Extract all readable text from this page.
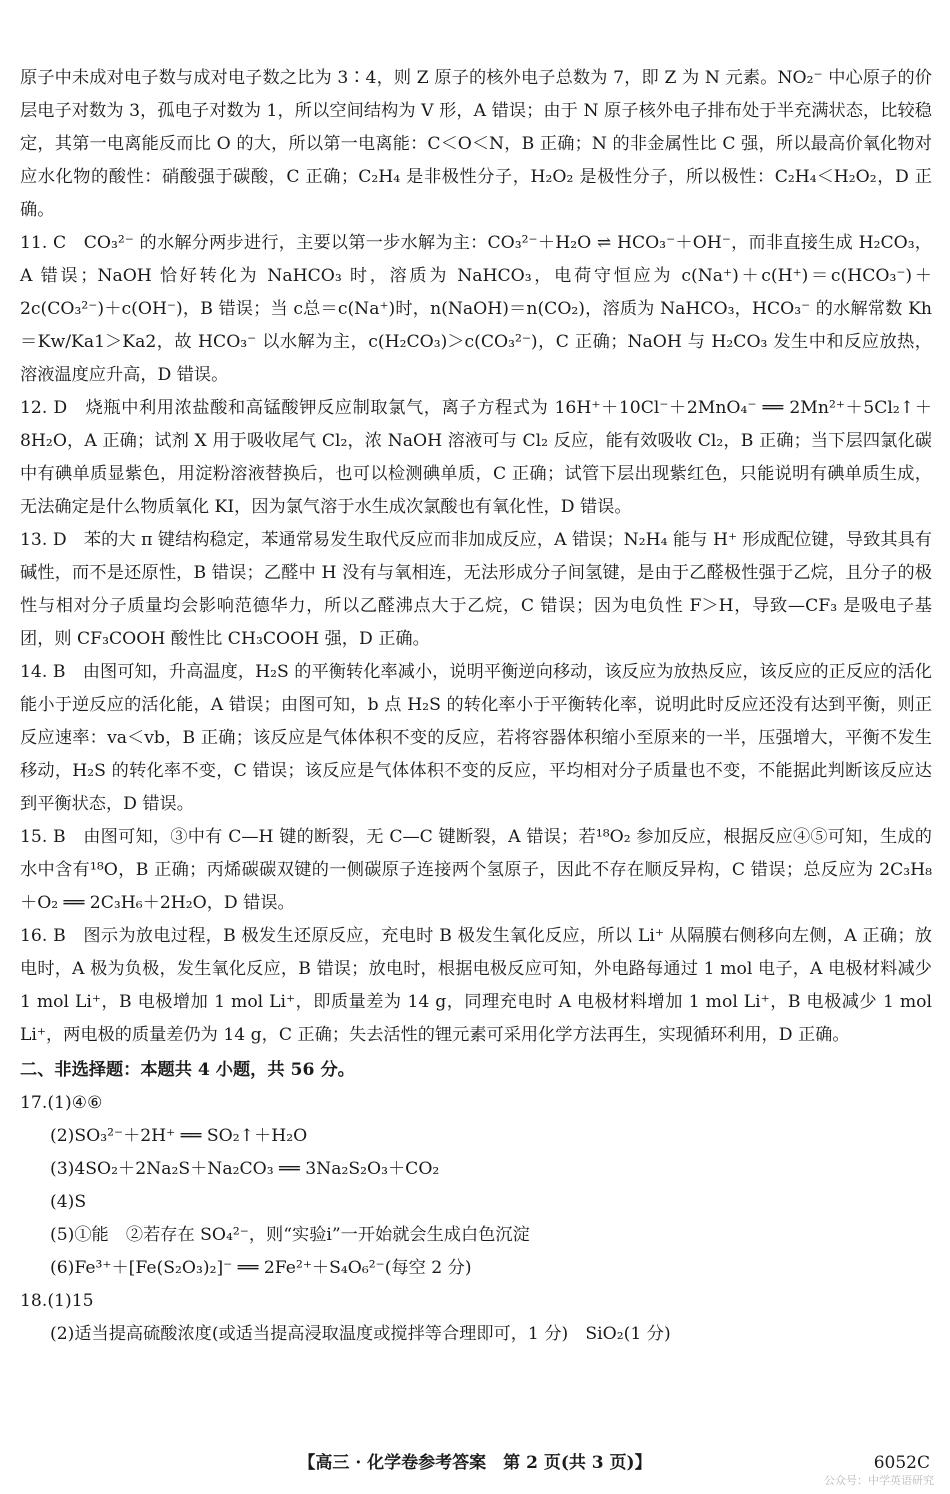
原子中未成对电子数与成对电子数之比为 3∶4，则 Z 原子的核外电子总数为 7，即 Z 为 N 元素。NO₂⁻ 中心原子的价层电子对数为 3，孤电子对数为 1，所以空间结构为 V 形，A 错误；由于 N 原子核外电子排布处于半充满状态，比较稳定，其第一电离能反而比 O 的大，所以第一电离能：C＜O＜N，B 正确；N 的非金属性比 C 强，所以最高价氧化物对应水化物的酸性：硝酸强于碳酸，C 正确；C₂H₄ 是非极性分子，H₂O₂ 是极性分子，所以极性：C₂H₄＜H₂O₂，D 正确。
11. C　CO₃²⁻ 的水解分两步进行，主要以第一步水解为主：CO₃²⁻＋H₂O ⇌ HCO₃⁻＋OH⁻，而非直接生成 H₂CO₃，A 错误；NaOH 恰好转化为 NaHCO₃ 时，溶质为 NaHCO₃，电荷守恒应为 c(Na⁺)＋c(H⁺)＝c(HCO₃⁻)＋2c(CO₃²⁻)＋c(OH⁻)，B 错误；当 c总＝c(Na⁺)时，n(NaOH)＝n(CO₂)，溶质为 NaHCO₃，HCO₃⁻ 的水解常数 Kh＝Kw/Ka1＞Ka2，故 HCO₃⁻ 以水解为主，c(H₂CO₃)＞c(CO₃²⁻)，C 正确；NaOH 与 H₂CO₃ 发生中和反应放热，溶液温度应升高，D 错误。
12. D　烧瓶中利用浓盐酸和高锰酸钾反应制取氯气，离子方程式为 16H⁺＋10Cl⁻＋2MnO₄⁻ ══ 2Mn²⁺＋5Cl₂↑＋8H₂O，A 正确；试剂 X 用于吸收尾气 Cl₂，浓 NaOH 溶液可与 Cl₂ 反应，能有效吸收 Cl₂，B 正确；当下层四氯化碳中有碘单质显紫色，用淀粉溶液替换后，也可以检测碘单质，C 正确；试管下层出现紫红色，只能说明有碘单质生成，无法确定是什么物质氧化 KI，因为氯气溶于水生成次氯酸也有氧化性，D 错误。
13. D　苯的大 π 键结构稳定，苯通常易发生取代反应而非加成反应，A 错误；N₂H₄ 能与 H⁺ 形成配位键，导致其具有碱性，而不是还原性，B 错误；乙醛中 H 没有与氧相连，无法形成分子间氢键，是由于乙醛极性强于乙烷，且分子的极性与相对分子质量均会影响范德华力，所以乙醛沸点大于乙烷，C 错误；因为电负性 F＞H，导致—CF₃ 是吸电子基团，则 CF₃COOH 酸性比 CH₃COOH 强，D 正确。
14. B　由图可知，升高温度，H₂S 的平衡转化率减小，说明平衡逆向移动，该反应为放热反应，该反应的正反应的活化能小于逆反应的活化能，A 错误；由图可知，b 点 H₂S 的转化率小于平衡转化率，说明此时反应还没有达到平衡，则正反应速率：va＜vb，B 正确；该反应是气体体积不变的反应，若将容器体积缩小至原来的一半，压强增大，平衡不发生移动，H₂S 的转化率不变，C 错误；该反应是气体体积不变的反应，平均相对分子质量也不变，不能据此判断该反应达到平衡状态，D 错误。
15. B　由图可知，③中有 C—H 键的断裂，无 C—C 键断裂，A 错误；若¹⁸O₂ 参加反应，根据反应④⑤可知，生成的水中含有¹⁸O，B 正确；丙烯碳碳双键的一侧碳原子连接两个氢原子，因此不存在顺反异构，C 错误；总反应为 2C₃H₈＋O₂ ══ 2C₃H₆＋2H₂O，D 错误。
16. B　图示为放电过程，B 极发生还原反应，充电时 B 极发生氧化反应，所以 Li⁺ 从隔膜右侧移向左侧，A 正确；放电时，A 极为负极，发生氧化反应，B 错误；放电时，根据电极反应可知，外电路每通过 1 mol 电子，A 电极材料减少 1 mol Li⁺，B 电极增加 1 mol Li⁺，即质量差为 14 g，同理充电时 A 电极材料增加 1 mol Li⁺，B 电极减少 1 mol Li⁺，两电极的质量差仍为 14 g，C 正确；失去活性的锂元素可采用化学方法再生，实现循环利用，D 正确。
二、非选择题：本题共 4 小题，共 56 分。
17.(1)④⑥
(2)SO₃²⁻＋2H⁺ ══ SO₂↑＋H₂O
(3)4SO₂＋2Na₂S＋Na₂CO₃ ══ 3Na₂S₂O₃＋CO₂
(4)S
(5)①能　②若存在 SO₄²⁻，则“实验ⅰ”一开始就会生成白色沉淀
(6)Fe³⁺＋[Fe(S₂O₃)₂]⁻ ══ 2Fe²⁺＋S₄O₆²⁻(每空 2 分)
18.(1)15
(2)适当提高硫酸浓度(或适当提高浸取温度或搅拌等合理即可，1 分)　SiO₂(1 分)
【高三 · 化学卷参考答案　第 2 页(共 3 页)】	6052C
公众号：中学英语研究
